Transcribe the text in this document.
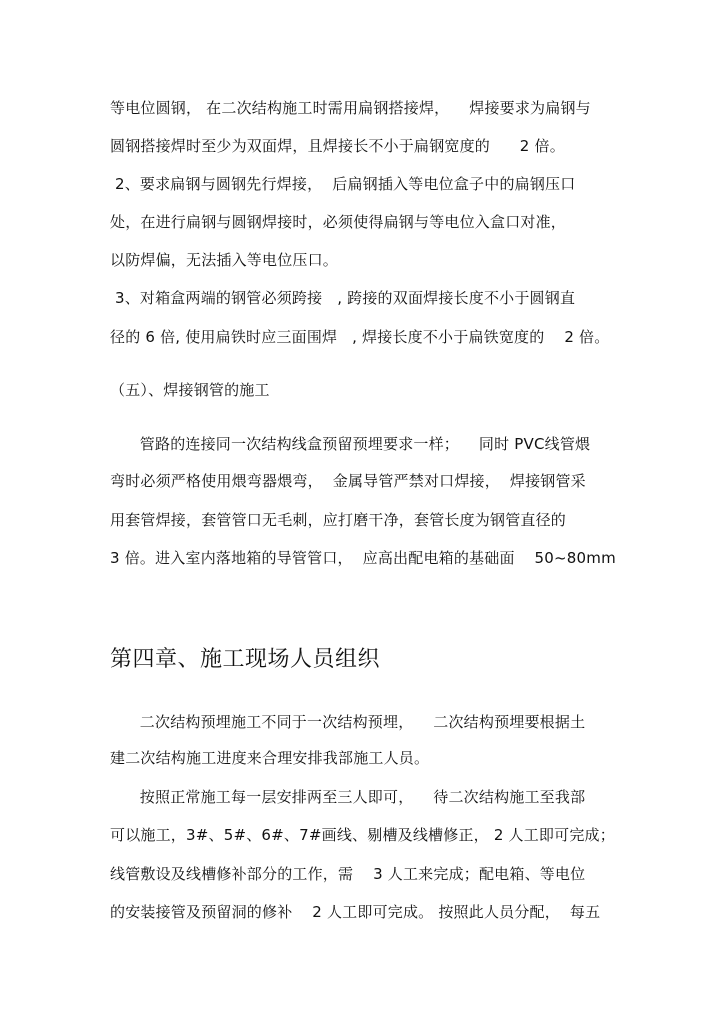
等电位圆钢， 在二次结构施工时需用扁钢搭接焊，    焊接要求为扁钢与
圆钢搭接焊时至少为双面焊，且焊接长不小于扁钢宽度的      2 倍。
2、要求扁钢与圆钢先行焊接，  后扁钢插入等电位盒子中的扁钢压口
处，在进行扁钢与圆钢焊接时，必须使得扁钢与等电位入盒口对准，
以防焊偏，无法插入等电位压口。
3、对箱盒两端的钢管必须跨接   , 跨接的双面焊接长度不小于圆钢直
径的 6 倍, 使用扁铁时应三面围焊   , 焊接长度不小于扁铁宽度的    2 倍。
（五）、焊接钢管的施工
管路的连接同一次结构线盒预留预埋要求一样；    同时 PVC线管煨
弯时必须严格使用煨弯器煨弯，  金属导管严禁对口焊接，  焊接钢管采
用套管焊接，套管管口无毛刺，应打磨干净，套管长度为钢管直径的
3 倍。进入室内落地箱的导管管口，  应高出配电箱的基础面    50~80mm
第四章、施工现场人员组织
二次结构预埋施工不同于一次结构预埋，    二次结构预埋要根据土
建二次结构施工进度来合理安排我部施工人员。
按照正常施工每一层安排两至三人即可，    待二次结构施工至我部
可以施工，3#、5#、6#、7#画线、剔槽及线槽修正， 2 人工即可完成；
线管敷设及线槽修补部分的工作，需    3 人工来完成；配电箱、等电位
的安装接管及预留洞的修补    2 人工即可完成。 按照此人员分配，  每五
